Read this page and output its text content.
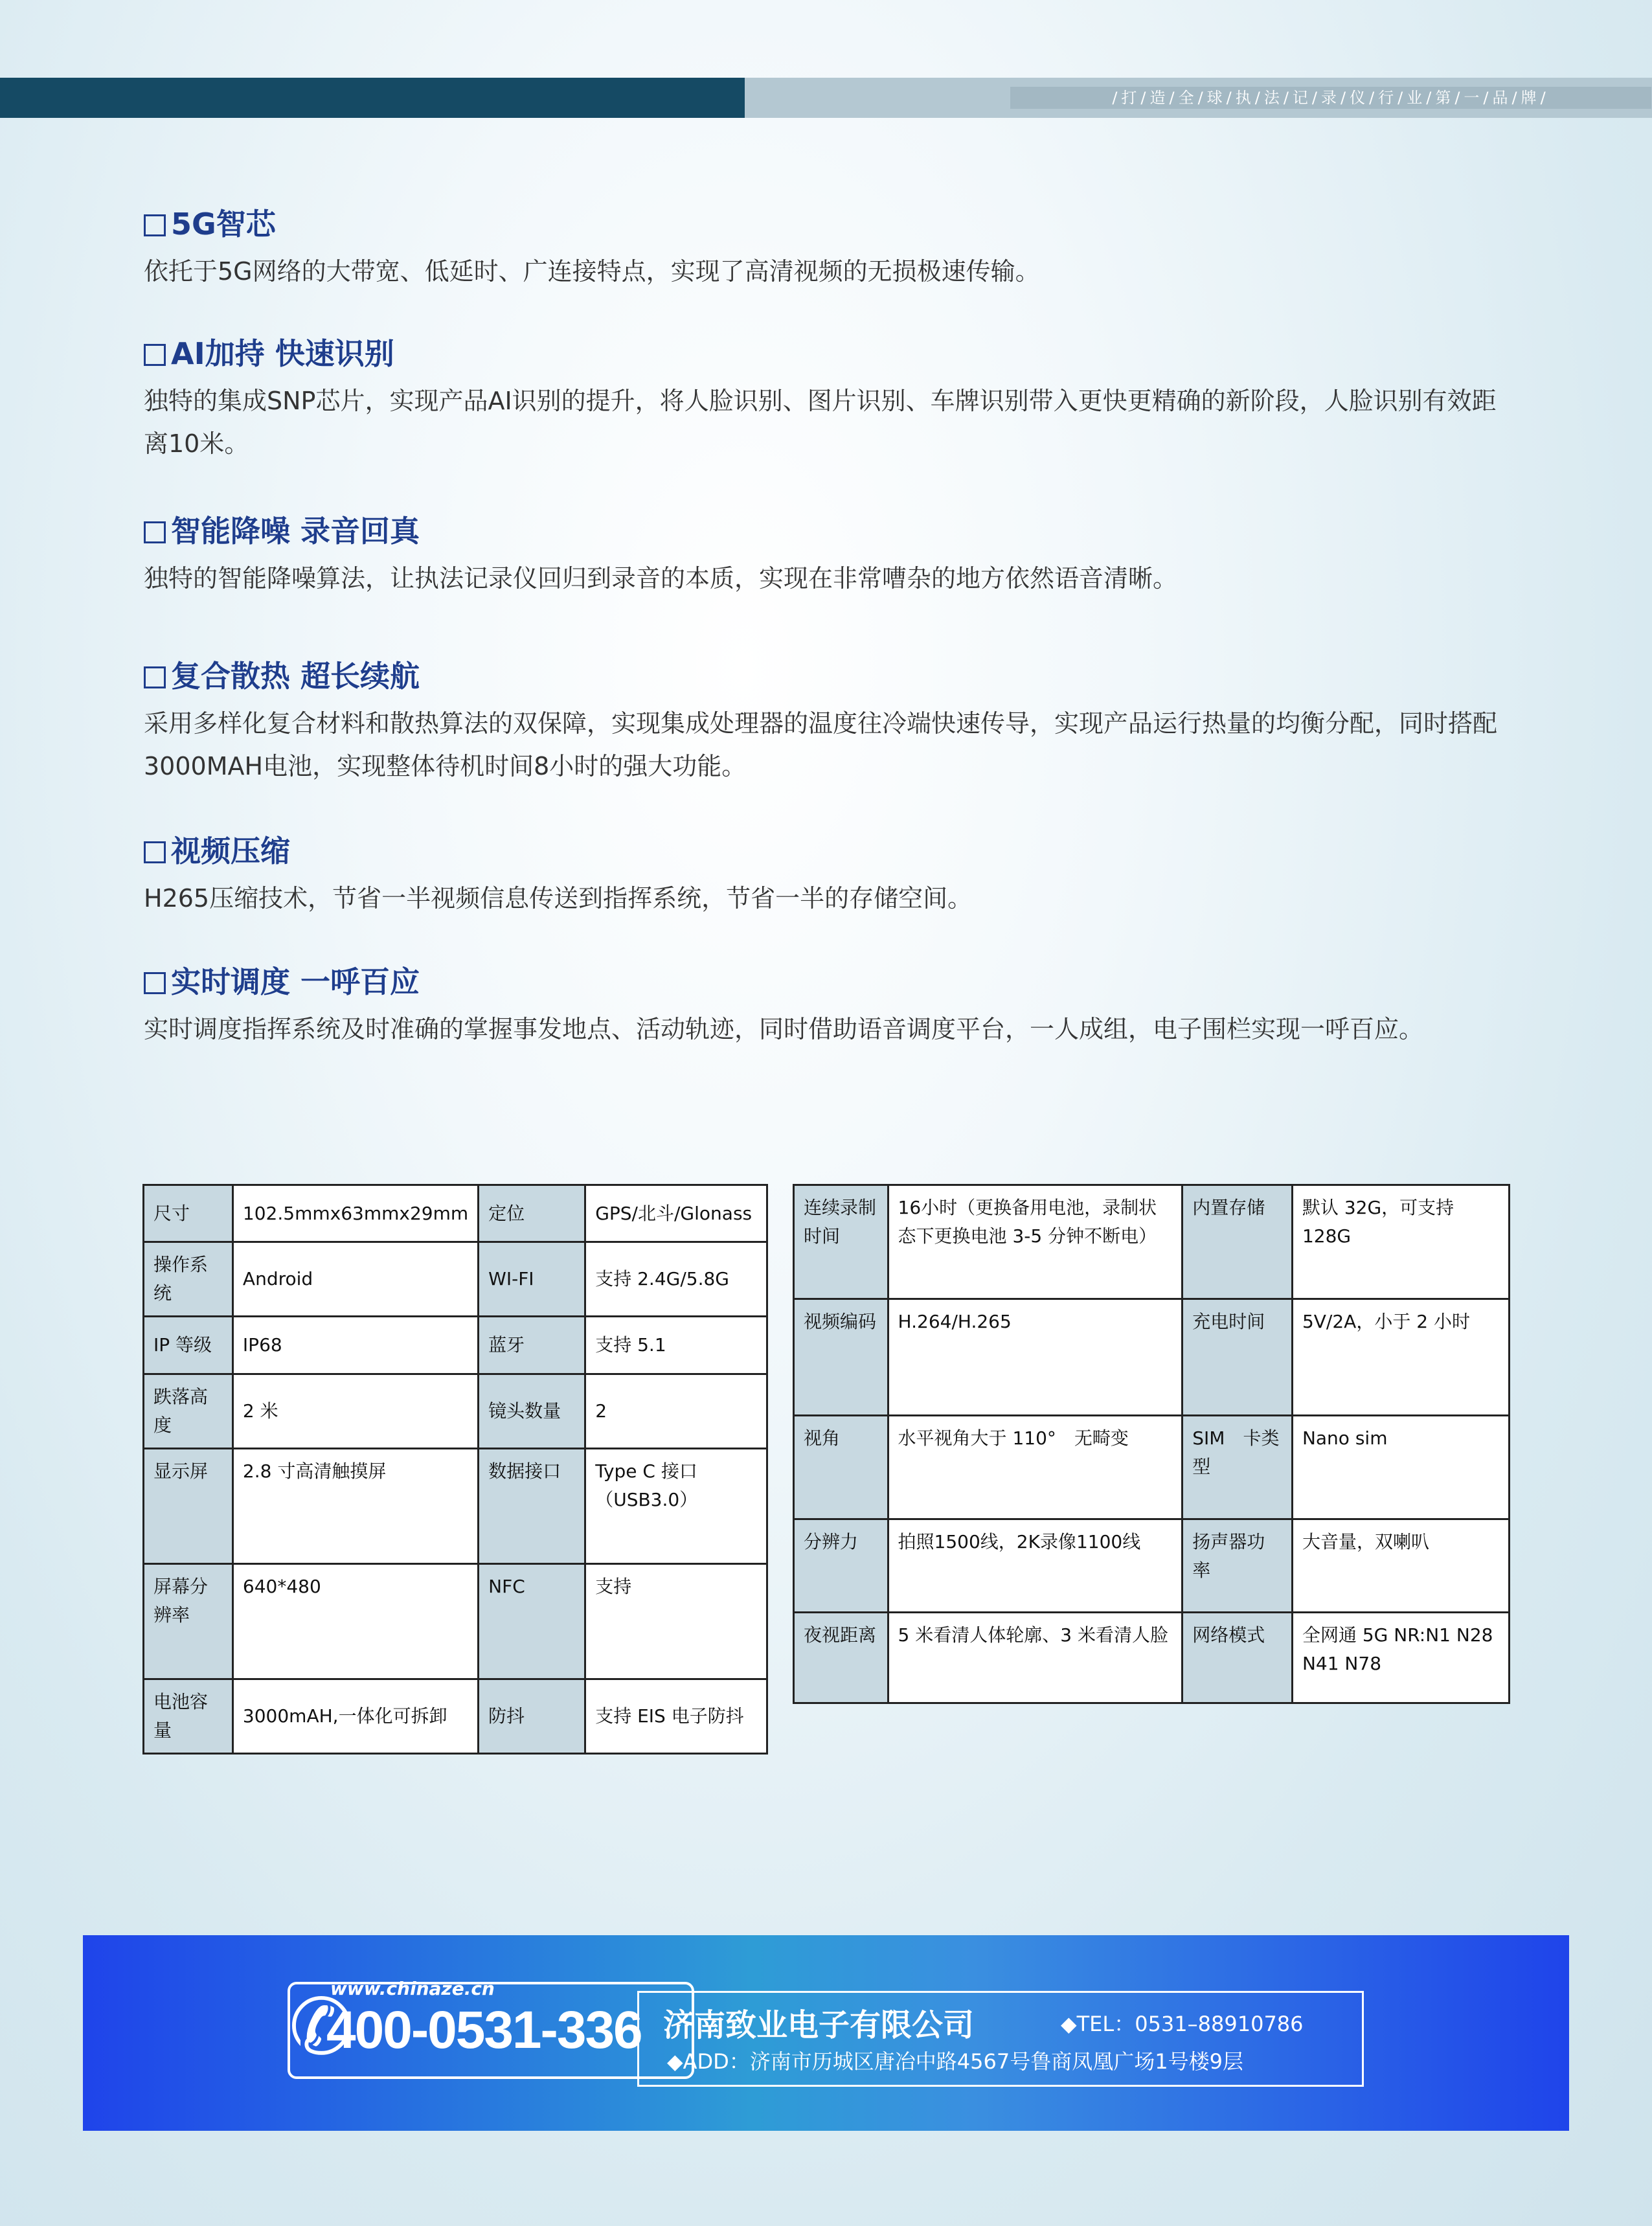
/打/造/全/球/执/法/记/录/仪/行/业/第/一/品/牌/
5G智芯

依托于5G网络的大带宽、低延时、广连接特点，实现了高清视频的无损极速传输。

AI加持 快速识别

独特的集成SNP芯片，实现产品AI识别的提升，将人脸识别、图片识别、车牌识别带入更快更精确的新阶段，人脸识别有效距离10米。

智能降噪 录音回真

独特的智能降噪算法，让执法记录仪回归到录音的本质，实现在非常嘈杂的地方依然语音清晰。

复合散热 超长续航

采用多样化复合材料和散热算法的双保障，实现集成处理器的温度往冷端快速传导，实现产品运行热量的均衡分配，同时搭配3000MAH电池，实现整体待机时间8小时的强大功能。

视频压缩

H265压缩技术，节省一半视频信息传送到指挥系统，节省一半的存储空间。

实时调度 一呼百应

实时调度指挥系统及时准确的掌握事发地点、活动轨迹，同时借助语音调度平台，一人成组，电子围栏实现一呼百应。

尺寸	102.5mmx63mmx29mm	定位	GPS/北斗/Glonass
操作系统	Android	WI-FI	支持 2.4G/5.8G
IP 等级	IP68	蓝牙	支持 5.1
跌落高度	2 米	镜头数量	2
显示屏	2.8 寸高清触摸屏	数据接口	Type C 接口（USB3.0）
屏幕分辨率	640*480	NFC	支持
电池容量	3000mAH,一体化可拆卸	防抖	支持 EIS 电子防抖
连续录制时间	16小时（更换备用电池，录制状态下更换电池 3-5 分钟不断电）	内置存储	默认 32G，可支持 128G
视频编码	H.264/H.265	充电时间	5V/2A，小于 2 小时
视角	水平视角大于 110°　无畸变	SIM　卡类型	Nano sim
分辨力	拍照1500线，2K录像1100线	扬声器功率	大音量，双喇叭
夜视距离	5 米看清人体轮廓、3 米看清人脸	网络模式	全网通 5G NR:N1 N28 N41 N78
✆
www.chinaze.cn
400-0531-336 济南致业电子有限公司	◆TEL：0531–88910786
◆ADD：济南市历城区唐冶中路4567号鲁商凤凰广场1号楼9层
